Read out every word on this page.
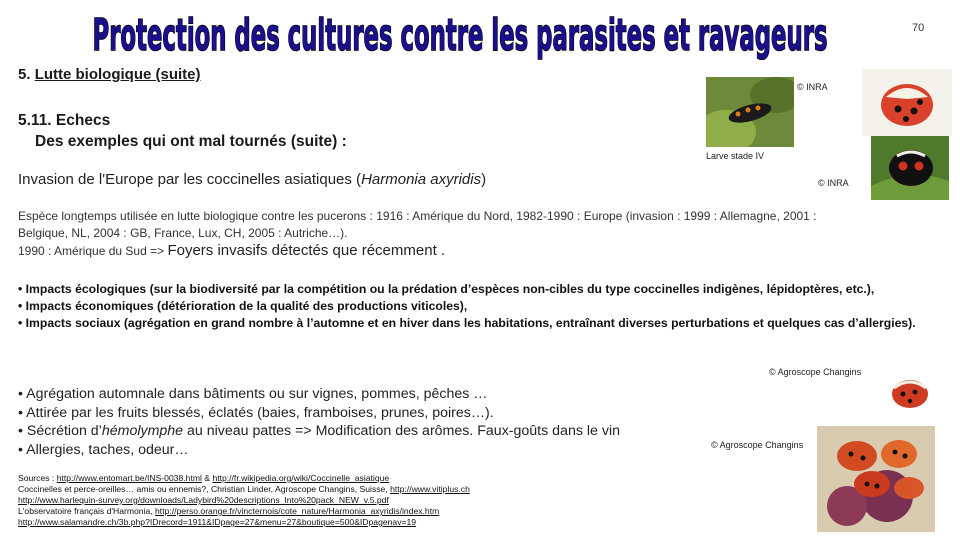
Protection des cultures contre les parasites et ravageurs	70
5. Lutte biologique (suite)
5.11. Echecs
Des exemples qui ont mal tournés (suite) :
Invasion de l'Europe par les coccinelles asiatiques (Harmonia axyridis)
Espèce longtemps utilisée en lutte biologique contre les pucerons : 1916 : Amérique du Nord, 1982-1990 : Europe (invasion : 1999 : Allemagne, 2001 :
Belgique, NL, 2004 : GB, France, Lux, CH, 2005 : Autriche…).
1990 : Amérique du Sud => Foyers invasifs détectés que récemment .
• Impacts écologiques (sur la biodiversité par la compétition ou la prédation d’espèces non-cibles du type coccinelles indigènes, lépidoptères, etc.),
• Impacts économiques (détérioration de la qualité des productions viticoles),
• Impacts sociaux (agrégation en grand nombre à l’automne et en hiver dans les habitations, entraînant diverses perturbations et quelques cas d’allergies).
• Agrégation automnale dans bâtiments ou sur vignes, pommes, pêches …
• Attirée par les fruits blessés, éclatés (baies, framboises, prunes, poires…).
• Sécrétion d’hémolymphe au niveau pattes => Modification des arômes. Faux-goûts dans le vin
• Allergies, taches, odeur…
Sources : http://www.entomart.be/INS-0038.html & http://fr.wikipedia.org/wiki/Coccinelle_asiatique
Coccinelles et perce-oreilles… amis ou ennemis?, Christian Linder, Agroscope Changins, Suisse, http://www.vitiplus.ch
http://www.harlequin-survey.org/downloads/Ladybird%20descriptions_Into%20pack_NEW_v.5.pdf
L'observatoire français d'Harmonia, http://perso.orange.fr/vincternois/cote_nature/Harmonia_axyridis/index.htm
http://www.salamandre.ch/3b.php?IDrecord=1911&IDpage=27&menu=27&boutique=500&IDpagenav=19
© INRA
Larve stade IV
© INRA
© Agroscope Changins
© Agroscope Changins
